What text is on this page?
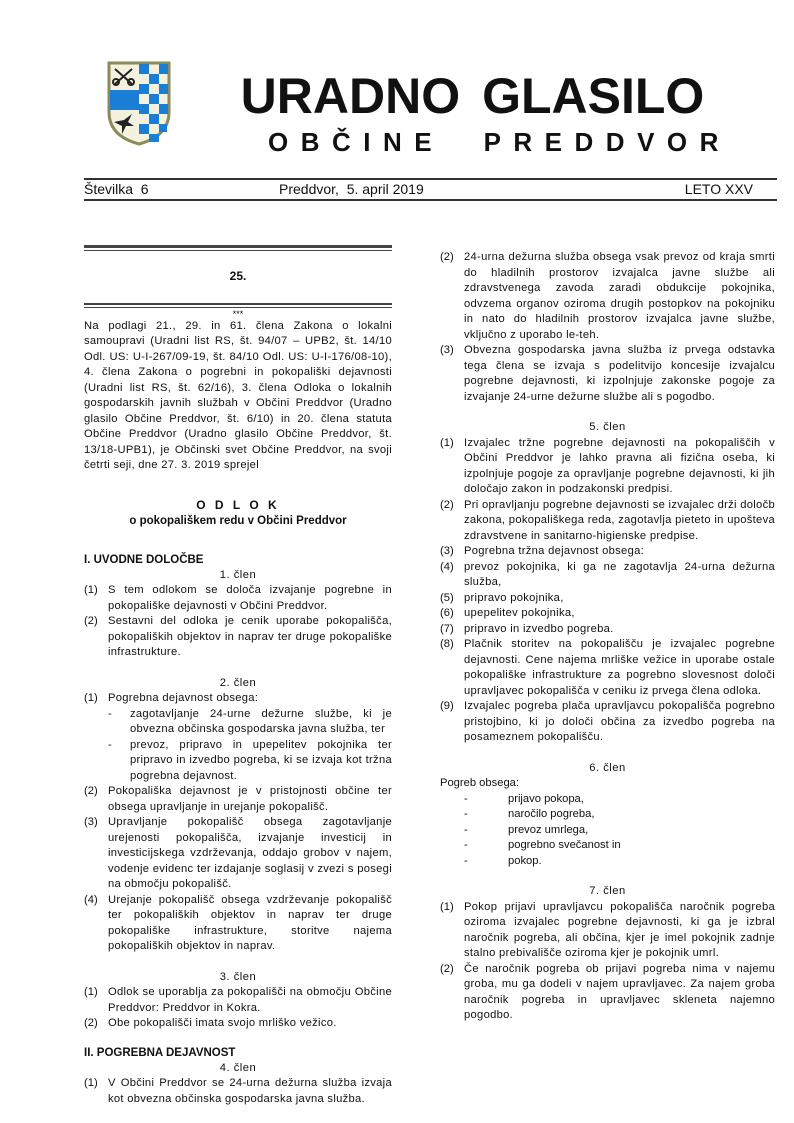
URADNO GLASILO
OBČINE  PREDDVOR
Številka  6	Preddvor,  5. april 2019	LETO XXV
25.
***
Na podlagi 21., 29. in 61. člena Zakona o lokalni samoupravi (Uradni list RS, št. 94/07 – UPB2, št. 14/10 Odl. US: U-I-267/09-19, št. 84/10 Odl. US: U-I-176/08-10), 4. člena Zakona o pogrebni in pokopališki dejavnosti (Uradni list RS, št. 62/16), 3. člena Odloka o lokalnih gospodarskih javnih službah v Občini Preddvor (Uradno glasilo Občine Preddvor, št. 6/10) in 20. člena statuta Občine Preddvor (Uradno glasilo Občine Preddvor, št. 13/18-UPB1), je Občinski svet Občine Preddvor, na svoji četrti seji, dne 27. 3. 2019 sprejel
O D L O K
o pokopališkem redu v Občini Preddvor
I. UVODNE DOLOČBE
1. člen
(1) S tem odlokom se določa izvajanje pogrebne in pokopališke dejavnosti v Občini Preddvor.
(2) Sestavni del odloka je cenik uporabe pokopališča, pokopaliških objektov in naprav ter druge pokopališke infrastrukture.
2. člen
(1) Pogrebna dejavnost obsega:
-	zagotavljanje 24-urne dežurne službe, ki je obvezna občinska gospodarska javna služba, ter
-	prevoz, pripravo in upepelitev pokojnika ter pripravo in izvedbo pogreba, ki se izvaja kot tržna pogrebna dejavnost.
(2) Pokopališka dejavnost je v pristojnosti občine ter obsega upravljanje in urejanje pokopališč.
(3) Upravljanje pokopališč obsega zagotavljanje urejenosti pokopališča, izvajanje investicij in investicijskega vzdrževanja, oddajo grobov v najem, vodenje evidenc ter izdajanje soglasij v zvezi s posegi na območju pokopališč.
(4) Urejanje pokopališč obsega vzdrževanje pokopališč ter pokopaliških objektov in naprav ter druge pokopališke infrastrukture, storitve najema pokopaliških objektov in naprav.
3. člen
(1) Odlok se uporablja za pokopališči na območju Občine Preddvor: Preddvor in Kokra.
(2) Obe pokopališči imata svojo mrliško vežico.
II. POGREBNA DEJAVNOST
4. člen
(1) V Občini Preddvor se 24-urna dežurna služba izvaja kot obvezna občinska gospodarska javna služba.
(2) 24-urna dežurna služba obsega vsak prevoz od kraja smrti do hladilnih prostorov izvajalca javne službe ali zdravstvenega zavoda zaradi obdukcije pokojnika, odvzema organov oziroma drugih postopkov na pokojniku in nato do hladilnih prostorov izvajalca javne službe, vključno z uporabo le-teh.
(3) Obvezna gospodarska javna služba iz prvega odstavka tega člena se izvaja s podelitvijo koncesije izvajalcu pogrebne dejavnosti, ki izpolnjuje zakonske pogoje za izvajanje 24-urne dežurne službe ali s pogodbo.
5. člen
(1) Izvajalec tržne pogrebne dejavnosti na pokopališčih v Občini Preddvor je lahko pravna ali fizična oseba, ki izpolnjuje pogoje za opravljanje pogrebne dejavnosti, ki jih določajo zakon in podzakonski predpisi.
(2) Pri opravljanju pogrebne dejavnosti se izvajalec drži določb zakona, pokopališkega reda, zagotavlja pieteto in upošteva zdravstvene in sanitarno-higienske predpise.
(3) Pogrebna tržna dejavnost obsega:
(4) prevoz pokojnika, ki ga ne zagotavlja 24-urna dežurna služba,
(5) pripravo pokojnika,
(6) upepelitev pokojnika,
(7) pripravo in izvedbo pogreba.
(8) Plačnik storitev na pokopališču je izvajalec pogrebne dejavnosti. Cene najema mrliške vežice in uporabe ostale pokopališke infrastrukture za pogrebno slovesnost določi upravljavec pokopališča v ceniku iz prvega člena odloka.
(9) Izvajalec pogreba plača upravljavcu pokopališča pogrebno pristojbino, ki jo določi občina za izvedbo pogreba na posameznem pokopališču.
6. člen
Pogreb obsega:
-	prijavo pokopa,
-	naročilo pogreba,
-	prevoz umrlega,
-	pogrebno svečanost in
-	pokop.
7. člen
(1) Pokop prijavi upravljavcu pokopališča naročnik pogreba oziroma izvajalec pogrebne dejavnosti, ki ga je izbral naročnik pogreba, ali občina, kjer je imel pokojnik zadnje stalno prebivališče oziroma kjer je pokojnik umrl.
(2) Če naročnik pogreba ob prijavi pogreba nima v najemu groba, mu ga dodeli v najem upravljavec. Za najem groba naročnik pogreba in upravljavec skleneta najemno pogodbo.
